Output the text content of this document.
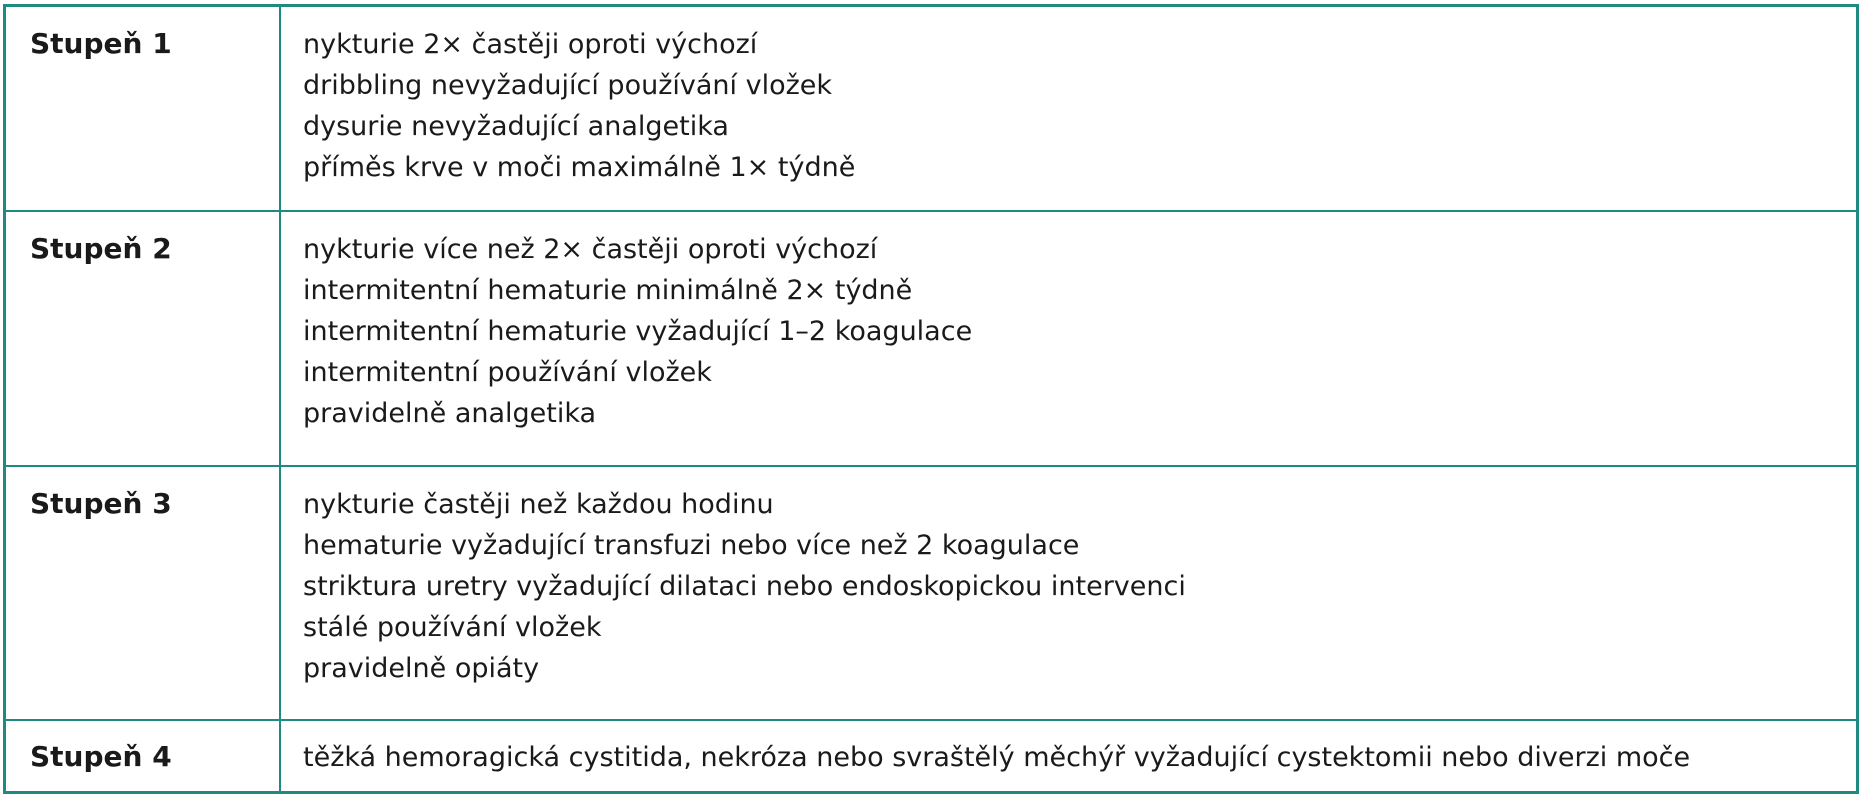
Stupeň 1	nykturie 2× častěji oproti výchozí
dribbling nevyžadující používání vložek
dysurie nevyžadující analgetika
příměs krve v moči maximálně 1× týdně
Stupeň 2	nykturie více než 2× častěji oproti výchozí
intermitentní hematurie minimálně 2× týdně
intermitentní hematurie vyžadující 1–2 koagulace
intermitentní používání vložek
pravidelně analgetika
Stupeň 3	nykturie častěji než každou hodinu
hematurie vyžadující transfuzi nebo více než 2 koagulace
striktura uretry vyžadující dilataci nebo endoskopickou intervenci
stálé používání vložek
pravidelně opiáty
Stupeň 4	těžká hemoragická cystitida, nekróza nebo svraštělý měchýř vyžadující cystektomii nebo diverzi moče
